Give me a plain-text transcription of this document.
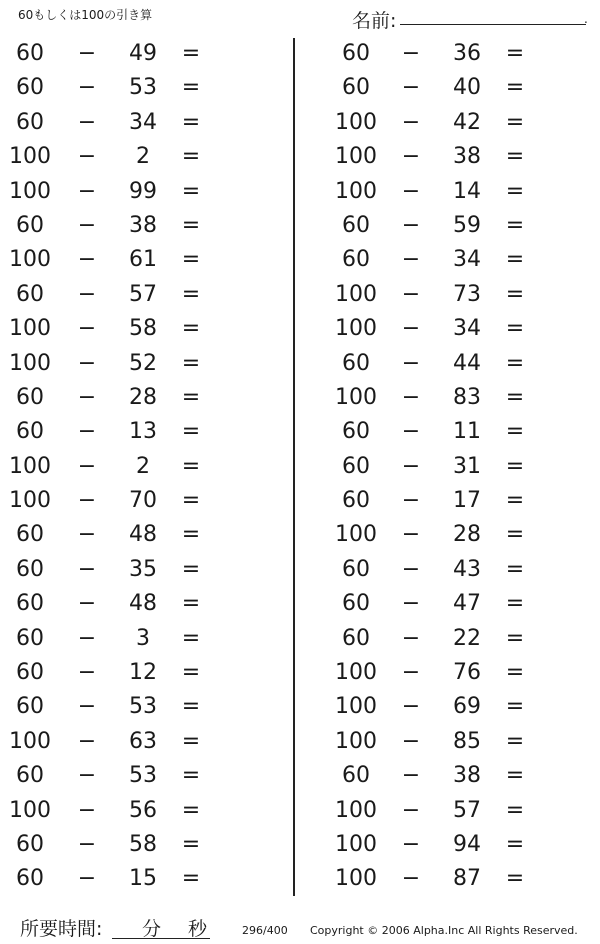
60もしくは100の引き算	名前:	.
60	−	49	=
60	−	53	=
60	−	34	=
100	−	2	=
100	−	99	=
60	−	38	=
100	−	61	=
60	−	57	=
100	−	58	=
100	−	52	=
60	−	28	=
60	−	13	=
100	−	2	=
100	−	70	=
60	−	48	=
60	−	35	=
60	−	48	=
60	−	3	=
60	−	12	=
60	−	53	=
100	−	63	=
60	−	53	=
100	−	56	=
60	−	58	=
60	−	15	=
60	−	36	=
60	−	40	=
100	−	42	=
100	−	38	=
100	−	14	=
60	−	59	=
60	−	34	=
100	−	73	=
100	−	34	=
60	−	44	=
100	−	83	=
60	−	11	=
60	−	31	=
60	−	17	=
100	−	28	=
60	−	43	=
60	−	47	=
60	−	22	=
100	−	76	=
100	−	69	=
100	−	85	=
60	−	38	=
100	−	57	=
100	−	94	=
100	−	87	=
所要時間: 分 秒	296/400 Copyright © 2006 Alpha.Inc All Rights Reserved.
